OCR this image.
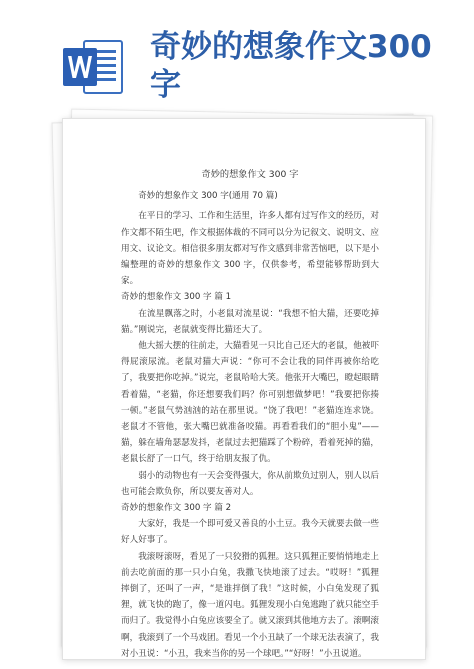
奇妙的想象作文300字

奇妙的想象作文 300 字

奇妙的想象作文 300 字(通用 70 篇)

在平日的学习、工作和生活里，许多人都有过写作文的经历，对作文都不陌生吧，作文根据体裁的不同可以分为记叙文、说明文、应用文、议论文。相信很多朋友都对写作文感到非常苦恼吧，以下是小编整理的奇妙的想象作文 300 字，仅供参考，希望能够帮助到大家。

奇妙的想象作文 300 字 篇 1

在流星飘落之时，小老鼠对流星说：“我想不怕大猫，还要吃掉猫。”刚说完，老鼠就变得比猫还大了。

他大摇大摆的往前走，大猫看见一只比自己还大的老鼠，他被吓得屁滚尿流。老鼠对猫大声说：“你可不会让我的同伴再被你给吃了，我要把你吃掉。”说完，老鼠哈哈大笑。他张开大嘴巴，瞪起眼睛看着猫，“老猫，你还想要我们吗？你可别想做梦吧！”我要把你揍一顿。”老鼠气势汹汹的站在那里说。“饶了我吧！”老猫连连求饶。老鼠才不管他，张大嘴巴就准备咬猫。再看看我们的“胆小鬼”——猫，躲在墙角瑟瑟发抖，老鼠过去把猫踩了个粉碎，看着死掉的猫，老鼠长舒了一口气，终于给朋友报了仇。

弱小的动物也有一天会变得强大，你从前欺负过别人，别人以后也可能会欺负你，所以要友善对人。

奇妙的想象作文 300 字 篇 2

大家好，我是一个即可爱又善良的小土豆。我今天就要去做一些好人好事了。

我滚呀滚呀，看见了一只狡猾的狐狸。这只狐狸正要悄悄地走上前去吃前面的那一只小白兔，我撒飞快地滚了过去。“哎呀！”狐狸摔倒了，还叫了一声，“是谁拌倒了我！”这时候，小白兔发现了狐狸，就飞快的跑了，像一道闪电。狐狸发现小白兔逃跑了就只能空手而归了。我觉得小白兔应该要全了。就又滚到其他地方去了。滚啊滚啊，我滚到了一个马戏团。看见一个小丑缺了一个球无法表演了，我对小丑说：“小丑，我来当你的另一个球吧。”“好呀！”小丑说道。
